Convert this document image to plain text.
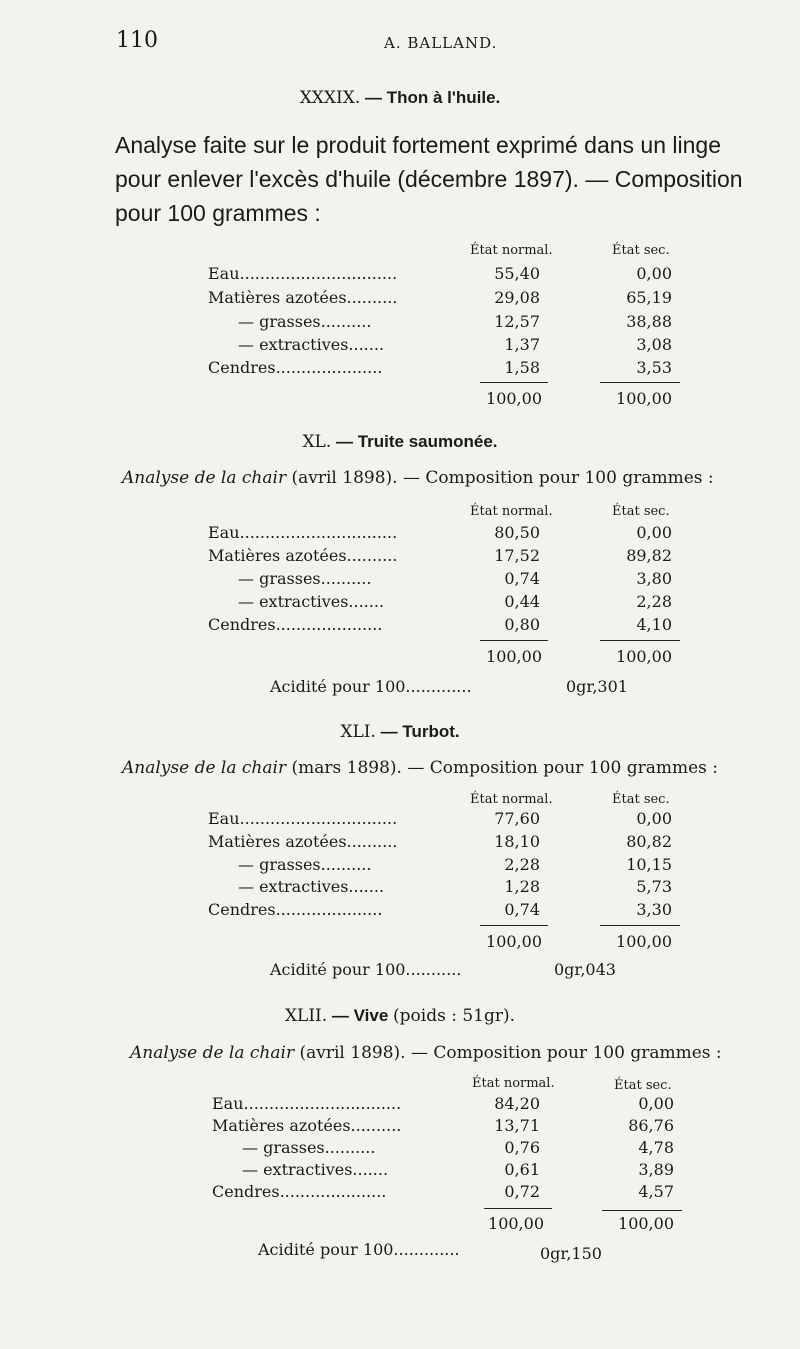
110	A. BALLAND.
XXXIX. — Thon à l'huile.
Analyse faite sur le produit fortement exprimé dans un linge pour enlever l'excès d'huile (décembre 1897). — Composition pour 100 grammes :
État normal.	État sec.
Eau...............................	55,40	0,00
Matières azotées..........	29,08	65,19
— grasses..........	12,57	38,88
— extractives.......	1,37	3,08
Cendres.....................	1,58	3,53
100,00	100,00
XL. — Truite saumonée.
Analyse de la chair (avril 1898). — Composition pour 100 grammes :
État normal.	État sec.
Eau...............................	80,50	0,00
Matières azotées..........	17,52	89,82
— grasses..........	0,74	3,80
— extractives.......	0,44	2,28
Cendres.....................	0,80	4,10
100,00	100,00
Acidité pour 100.............	0gr,301
XLI. — Turbot.
Analyse de la chair (mars 1898). — Composition pour 100 grammes :
État normal.	État sec.
Eau...............................	77,60	0,00
Matières azotées..........	18,10	80,82
— grasses..........	2,28	10,15
— extractives.......	1,28	5,73
Cendres.....................	0,74	3,30
100,00	100,00
Acidité pour 100...........	0gr,043
XLII. — Vive (poids : 51gr).
Analyse de la chair (avril 1898). — Composition pour 100 grammes :
État normal.	État sec.
Eau...............................	84,20	0,00
Matières azotées..........	13,71	86,76
— grasses..........	0,76	4,78
— extractives.......	0,61	3,89
Cendres.....................	0,72	4,57
100,00	100,00
Acidité pour 100.............	0gr,150
